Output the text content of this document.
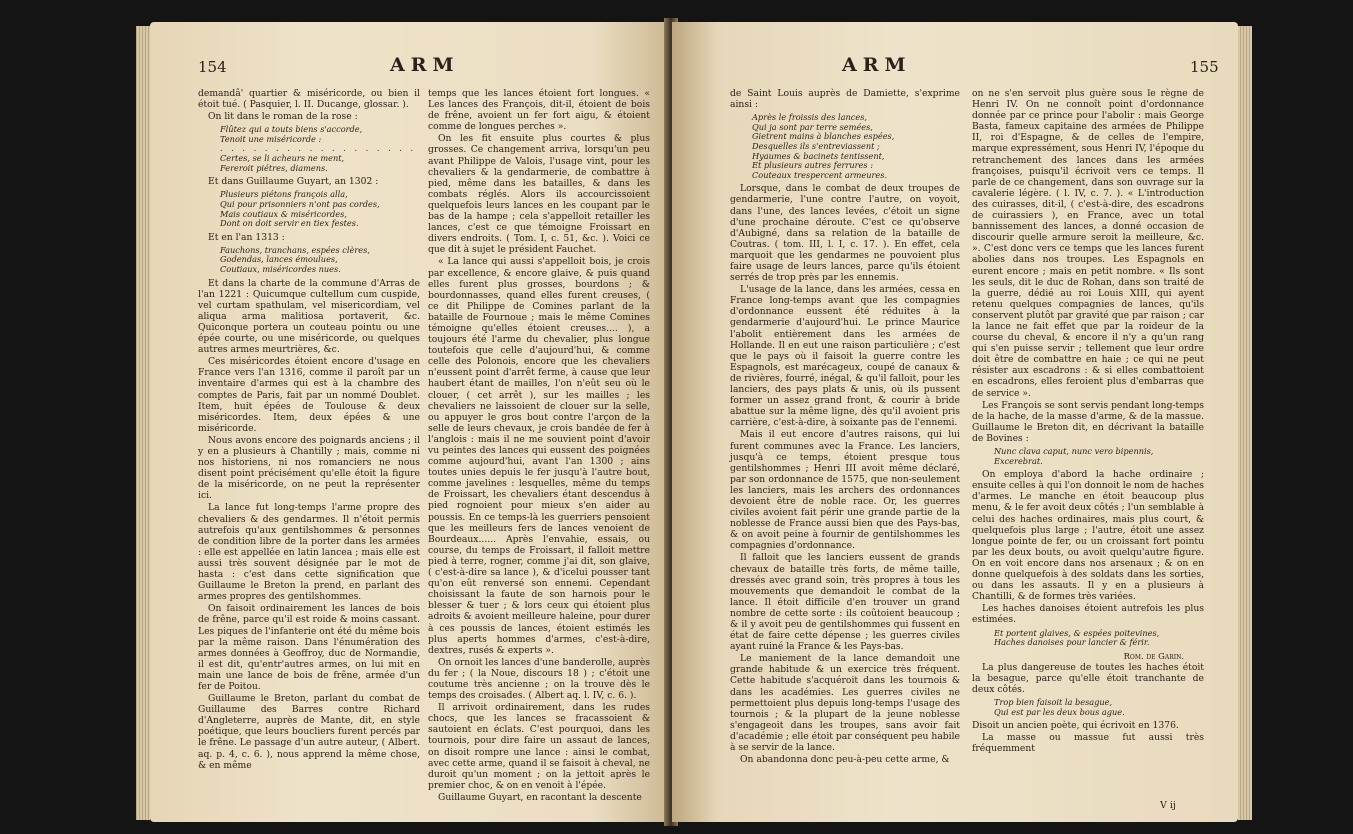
154	ARM

demandâ' quartier & miséricorde, ou bien il étoit tué. ( Pasquier, l. II. Ducange, glossar. ).

On lit dans le roman de la rose :

Flûtez qui a touts biens s'accorde,
Tenoit une miséricorde :
. . . . . . . . . . . . . . . . . .
Certes, se li acheurs ne ment,
Fereroit piétres, diamens.

Et dans Guillaume Guyart, an 1302 :

Plusieurs piétons françois alla,
Qui pour prisonniers n'ont pas cordes,
Mais coutiaux & miséricordes,
Dont on doit servir en tiex festes.

Et en l'an 1313 :

Fauchons, tranchans, espées clères,
Godendas, lances émoulues,
Coutiaux, miséricordes nues.

Et dans la charte de la commune d'Arras de l'an 1221 : Quicumque cultellum cum cuspide, vel curtam spathulam, vel misericordiam, vel aliqua arma malitiosa portaverit, &c. Quiconque portera un couteau pointu ou une épée courte, ou une miséricorde, ou quelques autres armes meurtrières, &c.

Ces miséricordes étoient encore d'usage en France vers l'an 1316, comme il paroît par un inventaire d'armes qui est à la chambre des comptes de Paris, fait par un nommé Doublet. Item, huit épées de Toulouse & deux miséricordes. Item, deux épées & une miséricorde.

Nous avons encore des poignards anciens ; il y en a plusieurs à Chantilly ; mais, comme ni nos historiens, ni nos romanciers ne nous disent point précisément qu'elle étoit la figure de la miséricorde, on ne peut la représenter ici.

La lance fut long-temps l'arme propre des chevaliers & des gendarmes. Il n'étoit permis autrefois qu'aux gentilshommes & personnes de condition libre de la porter dans les armées : elle est appellée en latin lancea ; mais elle est aussi très souvent désignée par le mot de hasta : c'est dans cette signification que Guillaume le Breton la prend, en parlant des armes propres des gentilshommes.

On faisoit ordinairement les lances de bois de frêne, parce qu'il est roide & moins cassant. Les piques de l'infanterie ont été du même bois par la même raison. Dans l'énumération des armes données à Geoffroy, duc de Normandie, il est dit, qu'entr'autres armes, on lui mit en main une lance de bois de frêne, armée d'un fer de Poitou.

Guillaume le Breton, parlant du combat de Guillaume des Barres contre Richard d'Angleterre, auprès de Mante, dit, en style poétique, que leurs boucliers furent percés par le frêne. Le passage d'un autre auteur, ( Albert. aq. p. 4, c. 6. ), nous apprend la même chose, & en même

temps que les lances étoient fort longues. « Les lances des François, dit-il, étoient de bois de frêne, avoient un fer fort aigu, & étoient comme de longues perches ».

On les fit ensuite plus courtes & plus grosses. Ce changement arriva, lorsqu'un peu avant Philippe de Valois, l'usage vint, pour les chevaliers & la gendarmerie, de combattre à pied, même dans les batailles, & dans les combats réglés. Alors ils accourcissoient quelquefois leurs lances en les coupant par le bas de la hampe ; cela s'appelloit retailler les lances, c'est ce que témoigne Froissart en divers endroits. ( Tom. I, c. 51, &c. ). Voici ce que dit à sujet le président Fauchet.

« La lance qui aussi s'appelloit bois, je crois par excellence, & encore glaive, & puis quand elles furent plus grosses, bourdons ; & bourdonnasses, quand elles furent creuses, ( ce dit Philippe de Comines parlant de la bataille de Fournoue ; mais le même Comines témoigne qu'elles étoient creuses.... ), a toujours été l'arme du chevalier, plus longue toutefois que celle d'aujourd'hui, & comme celle des Polonois, encore que les chevaliers n'eussent point d'arrêt ferme, à cause que leur haubert étant de mailles, l'on n'eût seu où le clouer, ( cet arrêt ), sur les mailles ; les chevaliers ne laissoient de clouer sur la selle, ou appuyer le gros bout contre l'arçon de la selle de leurs chevaux, je crois bandée de fer à l'anglois : mais il ne me souvient point d'avoir vu peintes des lances qui eussent des poignées comme aujourd'hui, avant l'an 1300 ; ains toutes unies depuis le fer jusqu'à l'autre bout, comme javelines : lesquelles, même du temps de Froissart, les chevaliers étant descendus à pied rognoient pour mieux s'en aider au poussis. En ce temps-là les guerriers pensoient que les meilleurs fers de lances venoient de Bourdeaux...... Après l'envahie, essais, ou course, du temps de Froissart, il falloit mettre pied à terre, rogner, comme j'ai dit, son glaive, ( c'est-à-dire sa lance ), & d'icelui pousser tant qu'on eût renversé son ennemi. Cependant choisissant la faute de son harnois pour le blesser & tuer ; & lors ceux qui étoient plus adroits & avoient meilleure haleine, pour durer à ces poussis de lances, étoient estimés les plus aperts hommes d'armes, c'est-à-dire, dextres, rusés & experts ».

On ornoit les lances d'une banderolle, auprès du fer ; ( la Noue, discours 18 ) ; c'étoit une coutume très ancienne ; on la trouve dès le temps des croisades. ( Albert aq. l. IV, c. 6. ).

Il arrivoit ordinairement, dans les rudes chocs, que les lances se fracassoient & sautoient en éclats. C'est pourquoi, dans les tournois, pour dire faire un assaut de lances, on disoit rompre une lance : ainsi le combat, avec cette arme, quand il se faisoit à cheval, ne duroit qu'un moment ; on la jettoit après le premier choc, & on en venoit à l'épée.

Guillaume Guyart, en racontant la descente

ARM	155

de Saint Louis auprès de Damiette, s'exprime ainsi :

Après le froissis des lances,
Qui ja sont par terre semées,
Gietrent mains à blanches espées,
Desquelles ils s'entreviassent ;
Hyaumes & bacinets tentissent,
Et plusieurs autres ferrures :
Couteaux trespercent armeures.

Lorsque, dans le combat de deux troupes de gendarmerie, l'une contre l'autre, on voyoit, dans l'une, des lances levées, c'étoit un signe d'une prochaine déroute. C'est ce qu'observe d'Aubigné, dans sa relation de la bataille de Coutras. ( tom. III, l. I, c. 17. ). En effet, cela marquoit que les gendarmes ne pouvoient plus faire usage de leurs lances, parce qu'ils étoient serrés de trop près par les ennemis.

L'usage de la lance, dans les armées, cessa en France long-temps avant que les compagnies d'ordonnance eussent été réduites à la gendarmerie d'aujourd'hui. Le prince Maurice l'abolit entièrement dans les armées de Hollande. Il en eut une raison particulière ; c'est que le pays où il faisoit la guerre contre les Espagnols, est marécageux, coupé de canaux & de rivières, fourré, inégal, & qu'il falloit, pour les lanciers, des pays plats & unis, où ils pussent former un assez grand front, & courir à bride abattue sur la même ligne, dès qu'il avoient pris carrière, c'est-à-dire, à soixante pas de l'ennemi.

Mais il eut encore d'autres raisons, qui lui furent communes avec la France. Les lanciers, jusqu'à ce temps, étoient presque tous gentilshommes ; Henri III avoit même déclaré, par son ordonnance de 1575, que non-seulement les lanciers, mais les archers des ordonnances devoient être de noble race. Or, les guerres civiles avoient fait périr une grande partie de la noblesse de France aussi bien que des Pays-bas, & on avoit peine à fournir de gentilshommes les compagnies d'ordonnance.

Il falloit que les lanciers eussent de grands chevaux de bataille très forts, de même taille, dressés avec grand soin, très propres à tous les mouvements que demandoit le combat de la lance. Il étoit difficile d'en trouver un grand nombre de cette sorte : ils coûtoient beaucoup ; & il y avoit peu de gentilshommes qui fussent en état de faire cette dépense ; les guerres civiles ayant ruiné la France & les Pays-bas.

Le maniement de la lance demandoit une grande habitude & un exercice très fréquent. Cette habitude s'acquéroit dans les tournois & dans les académies. Les guerres civiles ne permettoient plus depuis long-temps l'usage des tournois ; & la plupart de la jeune noblesse s'engageoit dans les troupes, sans avoir fait d'académie ; elle étoit par conséquent peu habile à se servir de la lance.

On abandonna donc peu-à-peu cette arme, &

on ne s'en servoit plus guère sous le règne de Henri IV. On ne connoît point d'ordonnance donnée par ce prince pour l'abolir : mais George Basta, fameux capitaine des armées de Philippe II, roi d'Espagne, & de celles de l'empire, marque expressément, sous Henri IV, l'époque du retranchement des lances dans les armées françoises, puisqu'il écrivoit vers ce temps. Il parle de ce changement, dans son ouvrage sur la cavalerie légère. ( l. IV, c. 7. ). « L'introduction des cuirasses, dit-il, ( c'est-à-dire, des escadrons de cuirassiers ), en France, avec un total bannissement des lances, a donné occasion de discourir quelle armure seroit la meilleure, &c. ». C'est donc vers ce temps que les lances furent abolies dans nos troupes. Les Espagnols en eurent encore ; mais en petit nombre. « Ils sont les seuls, dit le duc de Rohan, dans son traité de la guerre, dédié au roi Louis XIII, qui ayent retenu quelques compagnies de lances, qu'ils conservent plutôt par gravité que par raison ; car la lance ne fait effet que par la roideur de la course du cheval, & encore il n'y a qu'un rang qui s'en puisse servir ; tellement que leur ordre doit être de combattre en haie ; ce qui ne peut résister aux escadrons : & si elles combattoient en escadrons, elles feroient plus d'embarras que de service ».

Les François se sont servis pendant long-temps de la hache, de la masse d'arme, & de la massue. Guillaume le Breton dit, en décrivant la bataille de Bovines :

Nunc clava caput, nunc vero bipennis,
Excerebrat.

On employa d'abord la hache ordinaire ; ensuite celles à qui l'on donnoit le nom de haches d'armes. Le manche en étoit beaucoup plus menu, & le fer avoit deux côtés ; l'un semblable à celui des haches ordinaires, mais plus court, & quelquefois plus large ; l'autre, étoit une assez longue pointe de fer, ou un croissant fort pointu par les deux bouts, ou avoit quelqu'autre figure. On en voit encore dans nos arsenaux ; & on en donne quelquefois à des soldats dans les sorties, ou dans les assauts. Il y en a plusieurs à Chantilli, & de formes très variées.

Les haches danoises étoient autrefois les plus estimées.

Et portent glaives, & espées poitevines,
Haches danoises pour lancier & férir.
Rom. de Garin.

La plus dangereuse de toutes les haches étoit la besague, parce qu'elle étoit tranchante de deux côtés.

Trop bien faisoit la besague,
Qui est par les deux bous ague.

Disoit un ancien poète, qui écrivoit en 1376.

La masse ou massue fut aussi très fréquemment

V ij
